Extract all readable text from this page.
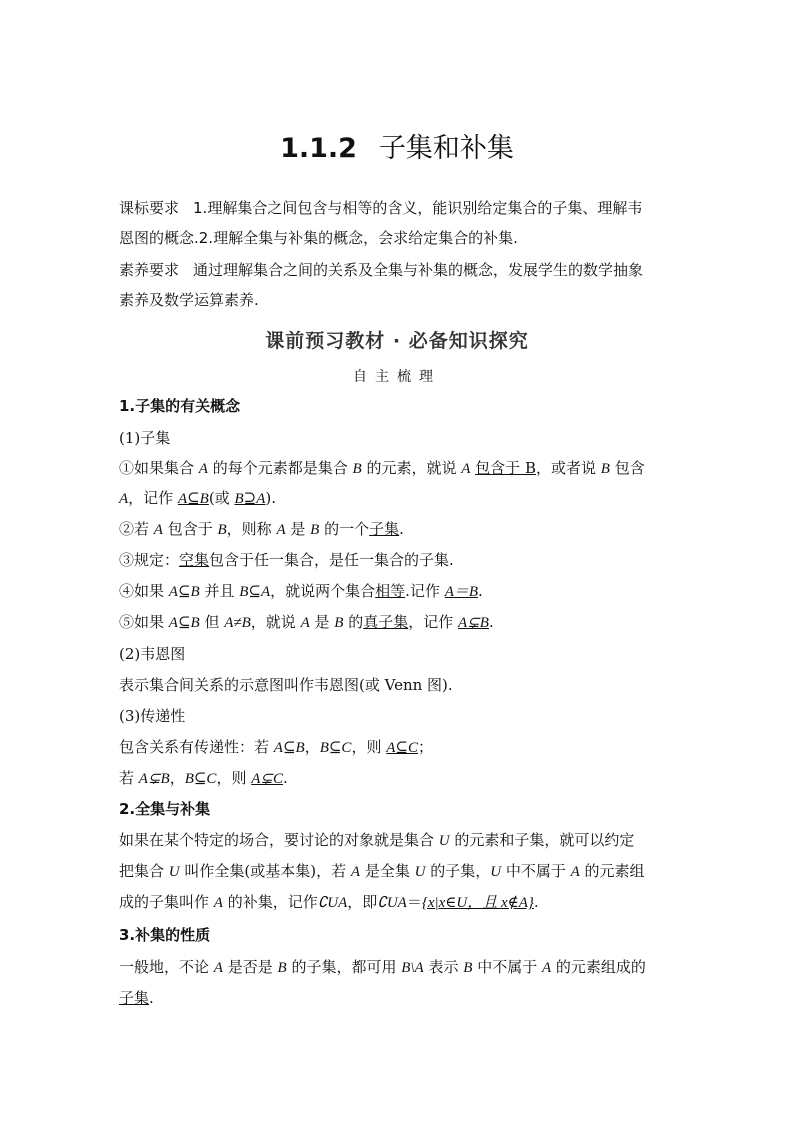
1.1.2 子集和补集
课标要求 1.理解集合之间包含与相等的含义，能识别给定集合的子集、理解韦
恩图的概念.2.理解全集与补集的概念，会求给定集合的补集.
素养要求 通过理解集合之间的关系及全集与补集的概念，发展学生的数学抽象
素养及数学运算素养.
课前预习教材 · 必备知识探究
自主梳理
1.子集的有关概念
(1)子集
①如果集合 A 的每个元素都是集合 B 的元素，就说 A 包含于 B，或者说 B 包含
A，记作 A⊆B(或 B⊇A).
②若 A 包含于 B，则称 A 是 B 的一个子集.
③规定：空集包含于任一集合，是任一集合的子集.
④如果 A⊆B 并且 B⊆A，就说两个集合相等.记作 A＝B.
⑤如果 A⊆B 但 A≠B，就说 A 是 B 的真子集，记作 A⊊B.
(2)韦恩图
表示集合间关系的示意图叫作韦恩图(或 Venn 图).
(3)传递性
包含关系有传递性：若 A⊆B，B⊆C，则 A⊆C；
若 A⊊B，B⊆C，则 A⊊C.
2.全集与补集
如果在某个特定的场合，要讨论的对象就是集合 U 的元素和子集，就可以约定
把集合 U 叫作全集(或基本集)，若 A 是全集 U 的子集，U 中不属于 A 的元素组
成的子集叫作 A 的补集，记作∁UA，即∁UA＝{x|x∈U，且 x∉A}.
3.补集的性质
一般地，不论 A 是否是 B 的子集，都可用 B\A 表示 B 中不属于 A 的元素组成的
子集.
